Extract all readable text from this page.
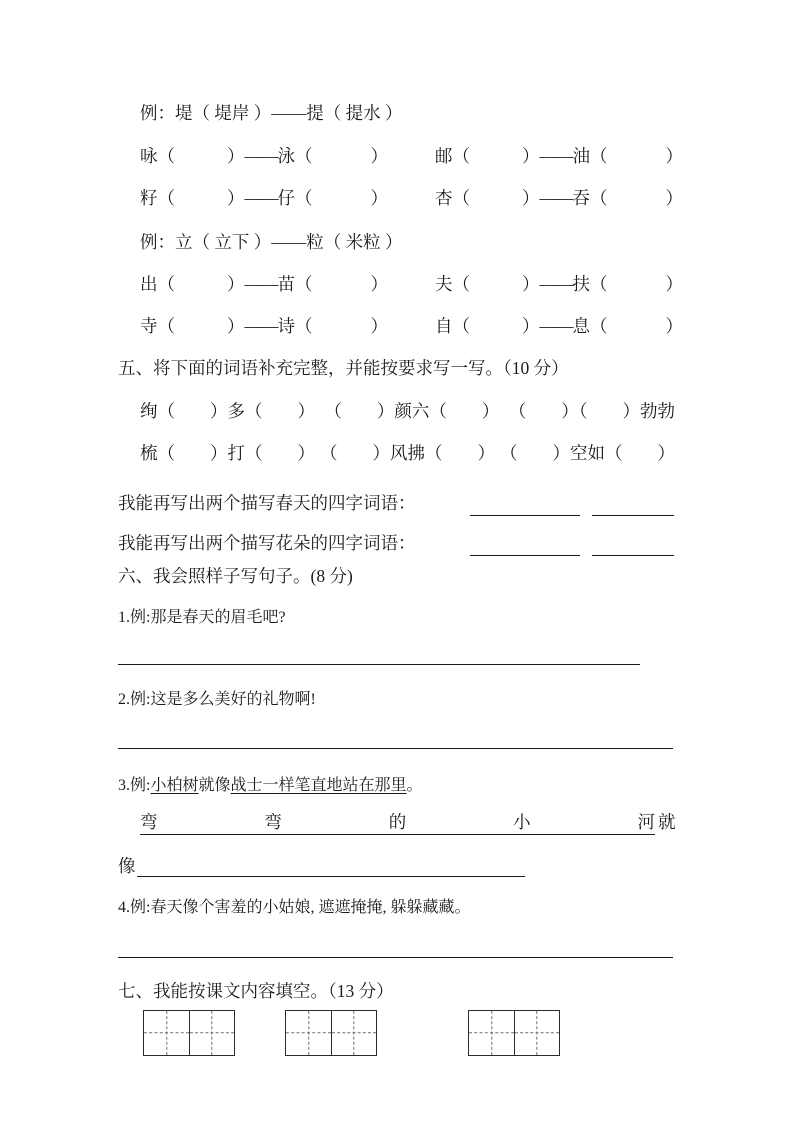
例：堤（ 堤岸 ）——提（ 提水 ）
咏（	）——泳（	）	邮（	）——油（	）
籽（	）——仔（	）	杏（	）——吞（	）
例：立（ 立下 ）——粒（ 米粒 ）
出（	）——苗（	）	夫（	）——扶（	）
寺（	）——诗（	）	自（	）——息（	）
五、将下面的词语补充完整，并能按要求写一写。（10 分）
绚（　　）多（　　） （　　）颜六（　　） （　　）（　　）勃勃
梳（　　）打（　　） （　　）风拂（　　） （　　）空如（　　）
我能再写出两个描写春天的四字词语：
我能再写出两个描写花朵的四字词语：
六、我会照样子写句子。(8 分)
1.例:那是春天的眉毛吧?
2.例:这是多么美好的礼物啊!
3.例:小柏树就像战士一样笔直地站在那里。
弯	弯	的	小	河 就
像
4.例:春天像个害羞的小姑娘, 遮遮掩掩, 躲躲藏藏。
七、我能按课文内容填空。（13 分）
